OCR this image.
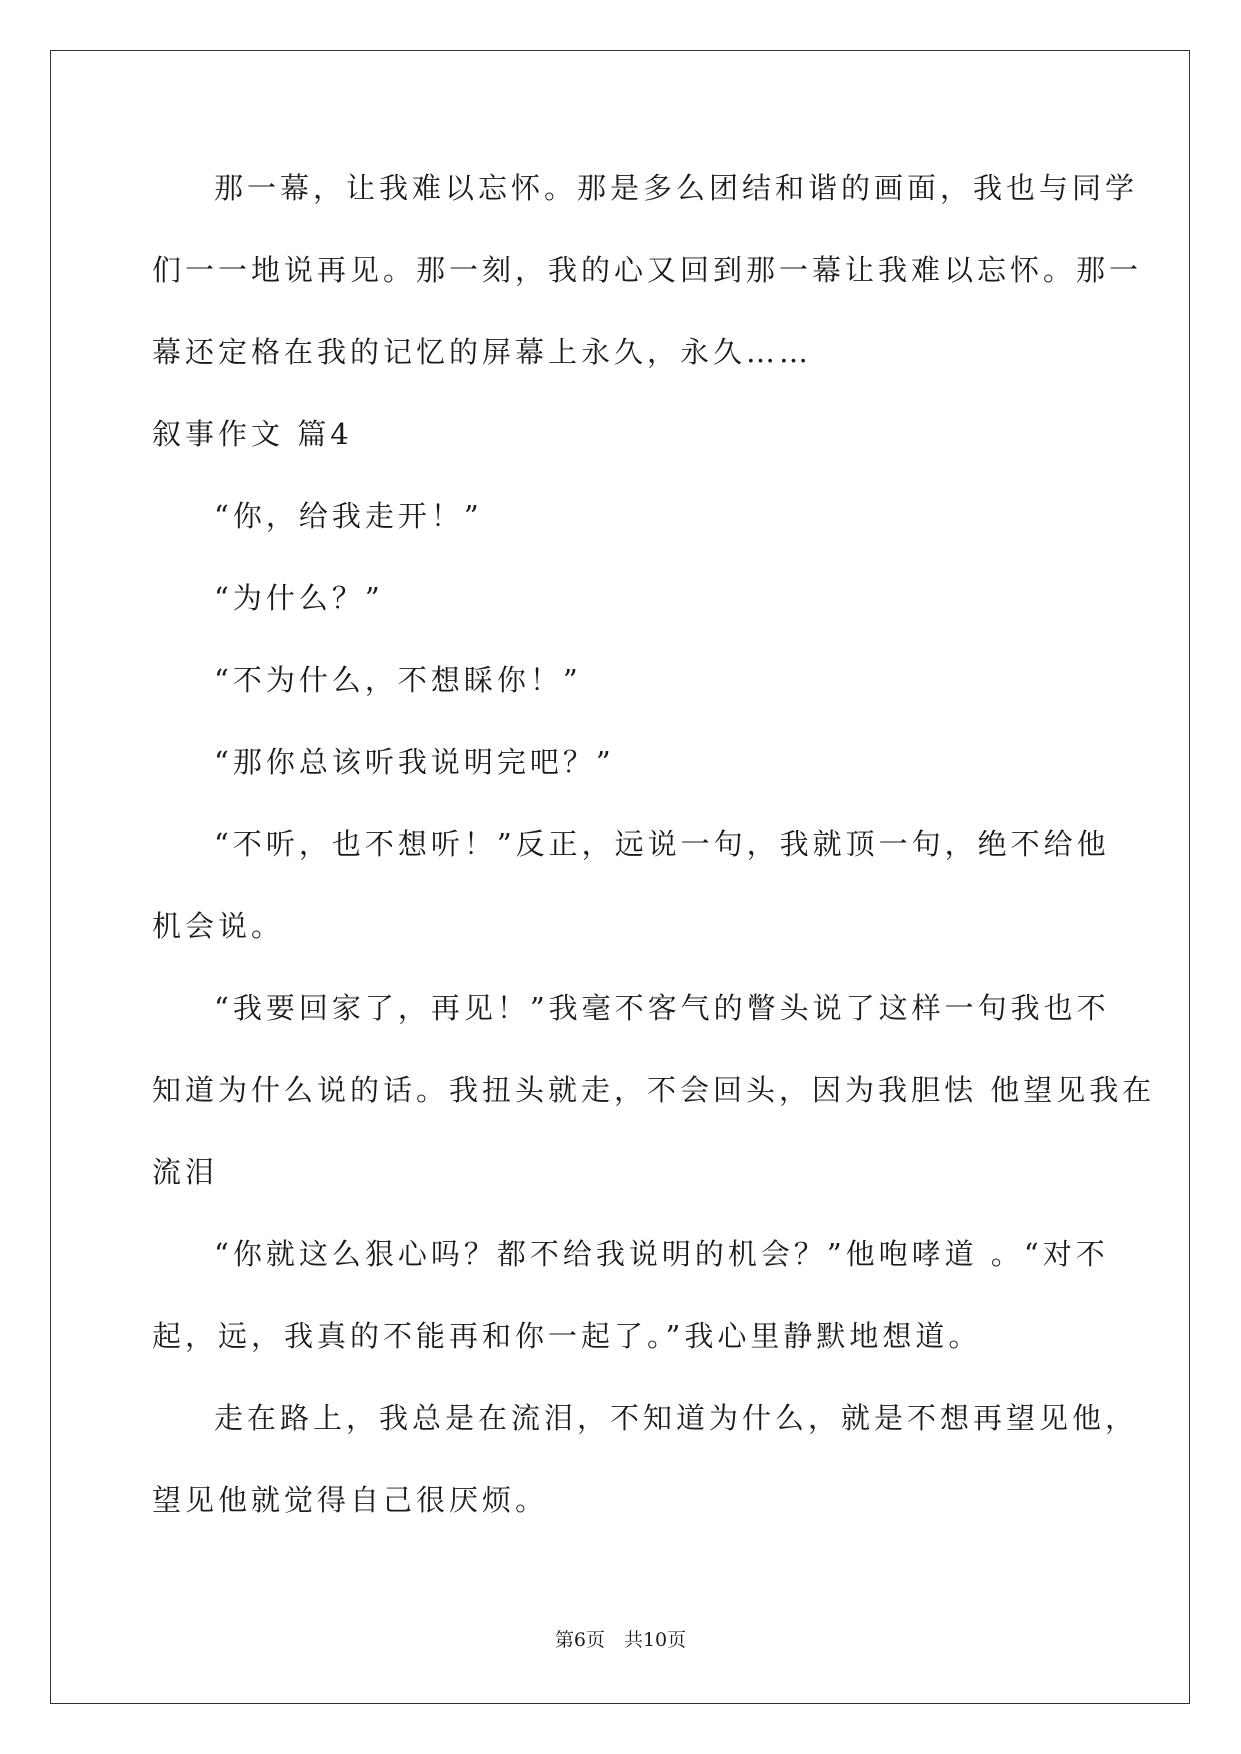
那一幕，让我难以忘怀。那是多么团结和谐的画面，我也与同学
们一一地说再见。那一刻，我的心又回到那一幕让我难以忘怀。那一
幕还定格在我的记忆的屏幕上永久，永久……
叙事作文 篇4
“你，给我走开！”
“为什么？”
“不为什么，不想睬你！”
“那你总该听我说明完吧？”
“不听，也不想听！”反正，远说一句，我就顶一句，绝不给他
机会说。
“我要回家了，再见！”我毫不客气的瞥头说了这样一句我也不
知道为什么说的话。我扭头就走，不会回头，因为我胆怯 他望见我在
流泪
“你就这么狠心吗？都不给我说明的机会？”他咆哮道 。“对不
起，远，我真的不能再和你一起了。”我心里静默地想道。
走在路上，我总是在流泪，不知道为什么，就是不想再望见他，
望见他就觉得自己很厌烦。
第6页　共10页
